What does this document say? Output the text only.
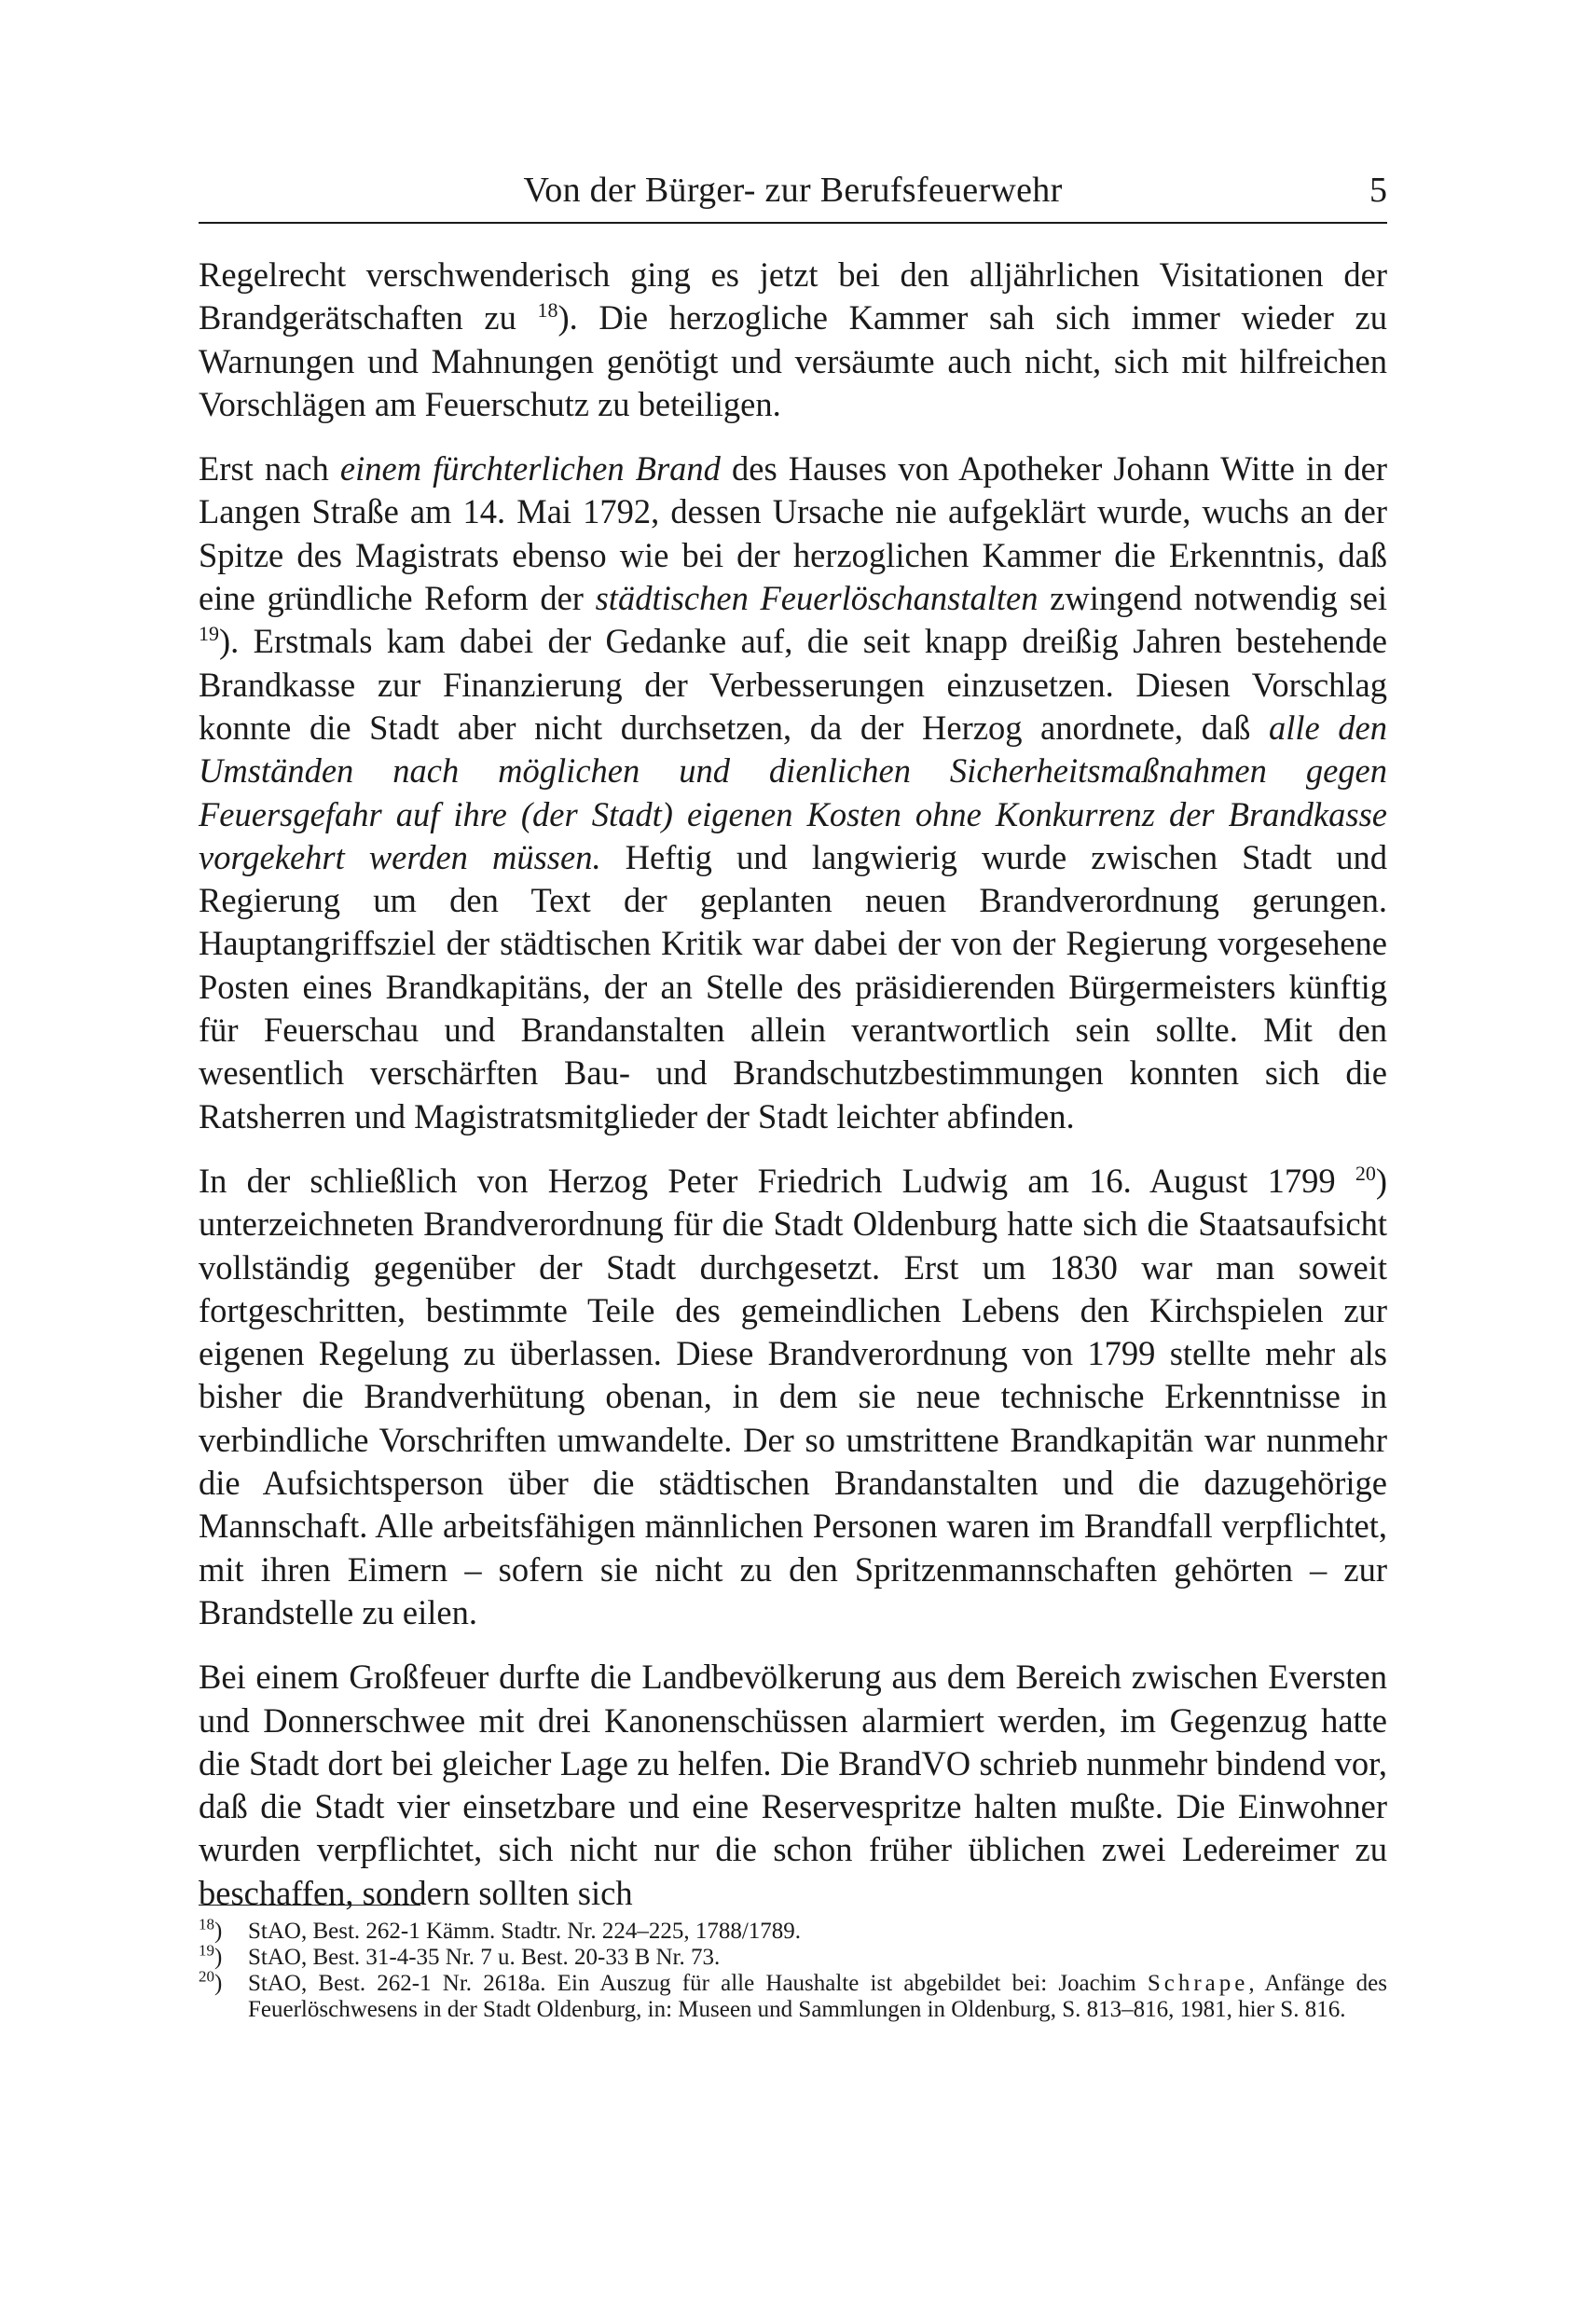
Von der Bürger- zur Berufsfeuerwehr	5

Regelrecht verschwenderisch ging es jetzt bei den alljährlichen Visitationen der Brandgerätschaften zu $^{18}$). Die herzogliche Kammer sah sich immer wieder zu Warnungen und Mahnungen genötigt und versäumte auch nicht, sich mit hilfreichen Vorschlägen am Feuerschutz zu beteiligen.

Erst nach einem fürchterlichen Brand des Hauses von Apotheker Johann Witte in der Langen Straße am 14. Mai 1792, dessen Ursache nie aufgeklärt wurde, wuchs an der Spitze des Magistrats ebenso wie bei der herzoglichen Kammer die Erkenntnis, daß eine gründliche Reform der städtischen Feuerlöschanstalten zwingend notwendig sei $^{19}$). Erstmals kam dabei der Gedanke auf, die seit knapp dreißig Jahren bestehende Brandkasse zur Finanzierung der Verbesserungen einzusetzen. Diesen Vorschlag konnte die Stadt aber nicht durchsetzen, da der Herzog anordnete, daß alle den Umständen nach möglichen und dienlichen Sicherheitsmaßnahmen gegen Feuersgefahr auf ihre (der Stadt) eigenen Kosten ohne Konkurrenz der Brandkasse vorgekehrt werden müssen. Heftig und langwierig wurde zwischen Stadt und Regierung um den Text der geplanten neuen Brandverordnung gerungen. Hauptangriffsziel der städtischen Kritik war dabei der von der Regierung vorgesehene Posten eines Brandkapitäns, der an Stelle des präsidierenden Bürgermeisters künftig für Feuerschau und Brandanstalten allein verantwortlich sein sollte. Mit den wesentlich verschärften Bau- und Brandschutzbestimmungen konnten sich die Ratsherren und Magistratsmitglieder der Stadt leichter abfinden.

In der schließlich von Herzog Peter Friedrich Ludwig am 16. August 1799 $^{20}$) unterzeichneten Brandverordnung für die Stadt Oldenburg hatte sich die Staatsaufsicht vollständig gegenüber der Stadt durchgesetzt. Erst um 1830 war man soweit fortgeschritten, bestimmte Teile des gemeindlichen Lebens den Kirchspielen zur eigenen Regelung zu überlassen. Diese Brandverordnung von 1799 stellte mehr als bisher die Brandverhütung obenan, in dem sie neue technische Erkenntnisse in verbindliche Vorschriften umwandelte. Der so umstrittene Brandkapitän war nunmehr die Aufsichtsperson über die städtischen Brandanstalten und die dazugehörige Mannschaft. Alle arbeitsfähigen männlichen Personen waren im Brandfall verpflichtet, mit ihren Eimern – sofern sie nicht zu den Spritzenmannschaften gehörten – zur Brandstelle zu eilen.

Bei einem Großfeuer durfte die Landbevölkerung aus dem Bereich zwischen Eversten und Donnerschwee mit drei Kanonenschüssen alarmiert werden, im Gegenzug hatte die Stadt dort bei gleicher Lage zu helfen. Die BrandVO schrieb nunmehr bindend vor, daß die Stadt vier einsetzbare und eine Reservespritze halten mußte. Die Einwohner wurden verpflichtet, sich nicht nur die schon früher üblichen zwei Ledereimer zu beschaffen, sondern sollten sich

$^{18}$) StAO, Best. 262-1 Kämm. Stadtr. Nr. 224–225, 1788/1789.

$^{19}$) StAO, Best. 31-4-35 Nr. 7 u. Best. 20-33 B Nr. 73.

$^{20}$) StAO, Best. 262-1 Nr. 2618a. Ein Auszug für alle Haushalte ist abgebildet bei: Joachim Schrape, Anfänge des Feuerlöschwesens in der Stadt Oldenburg, in: Museen und Sammlungen in Oldenburg, S. 813–816, 1981, hier S. 816.
